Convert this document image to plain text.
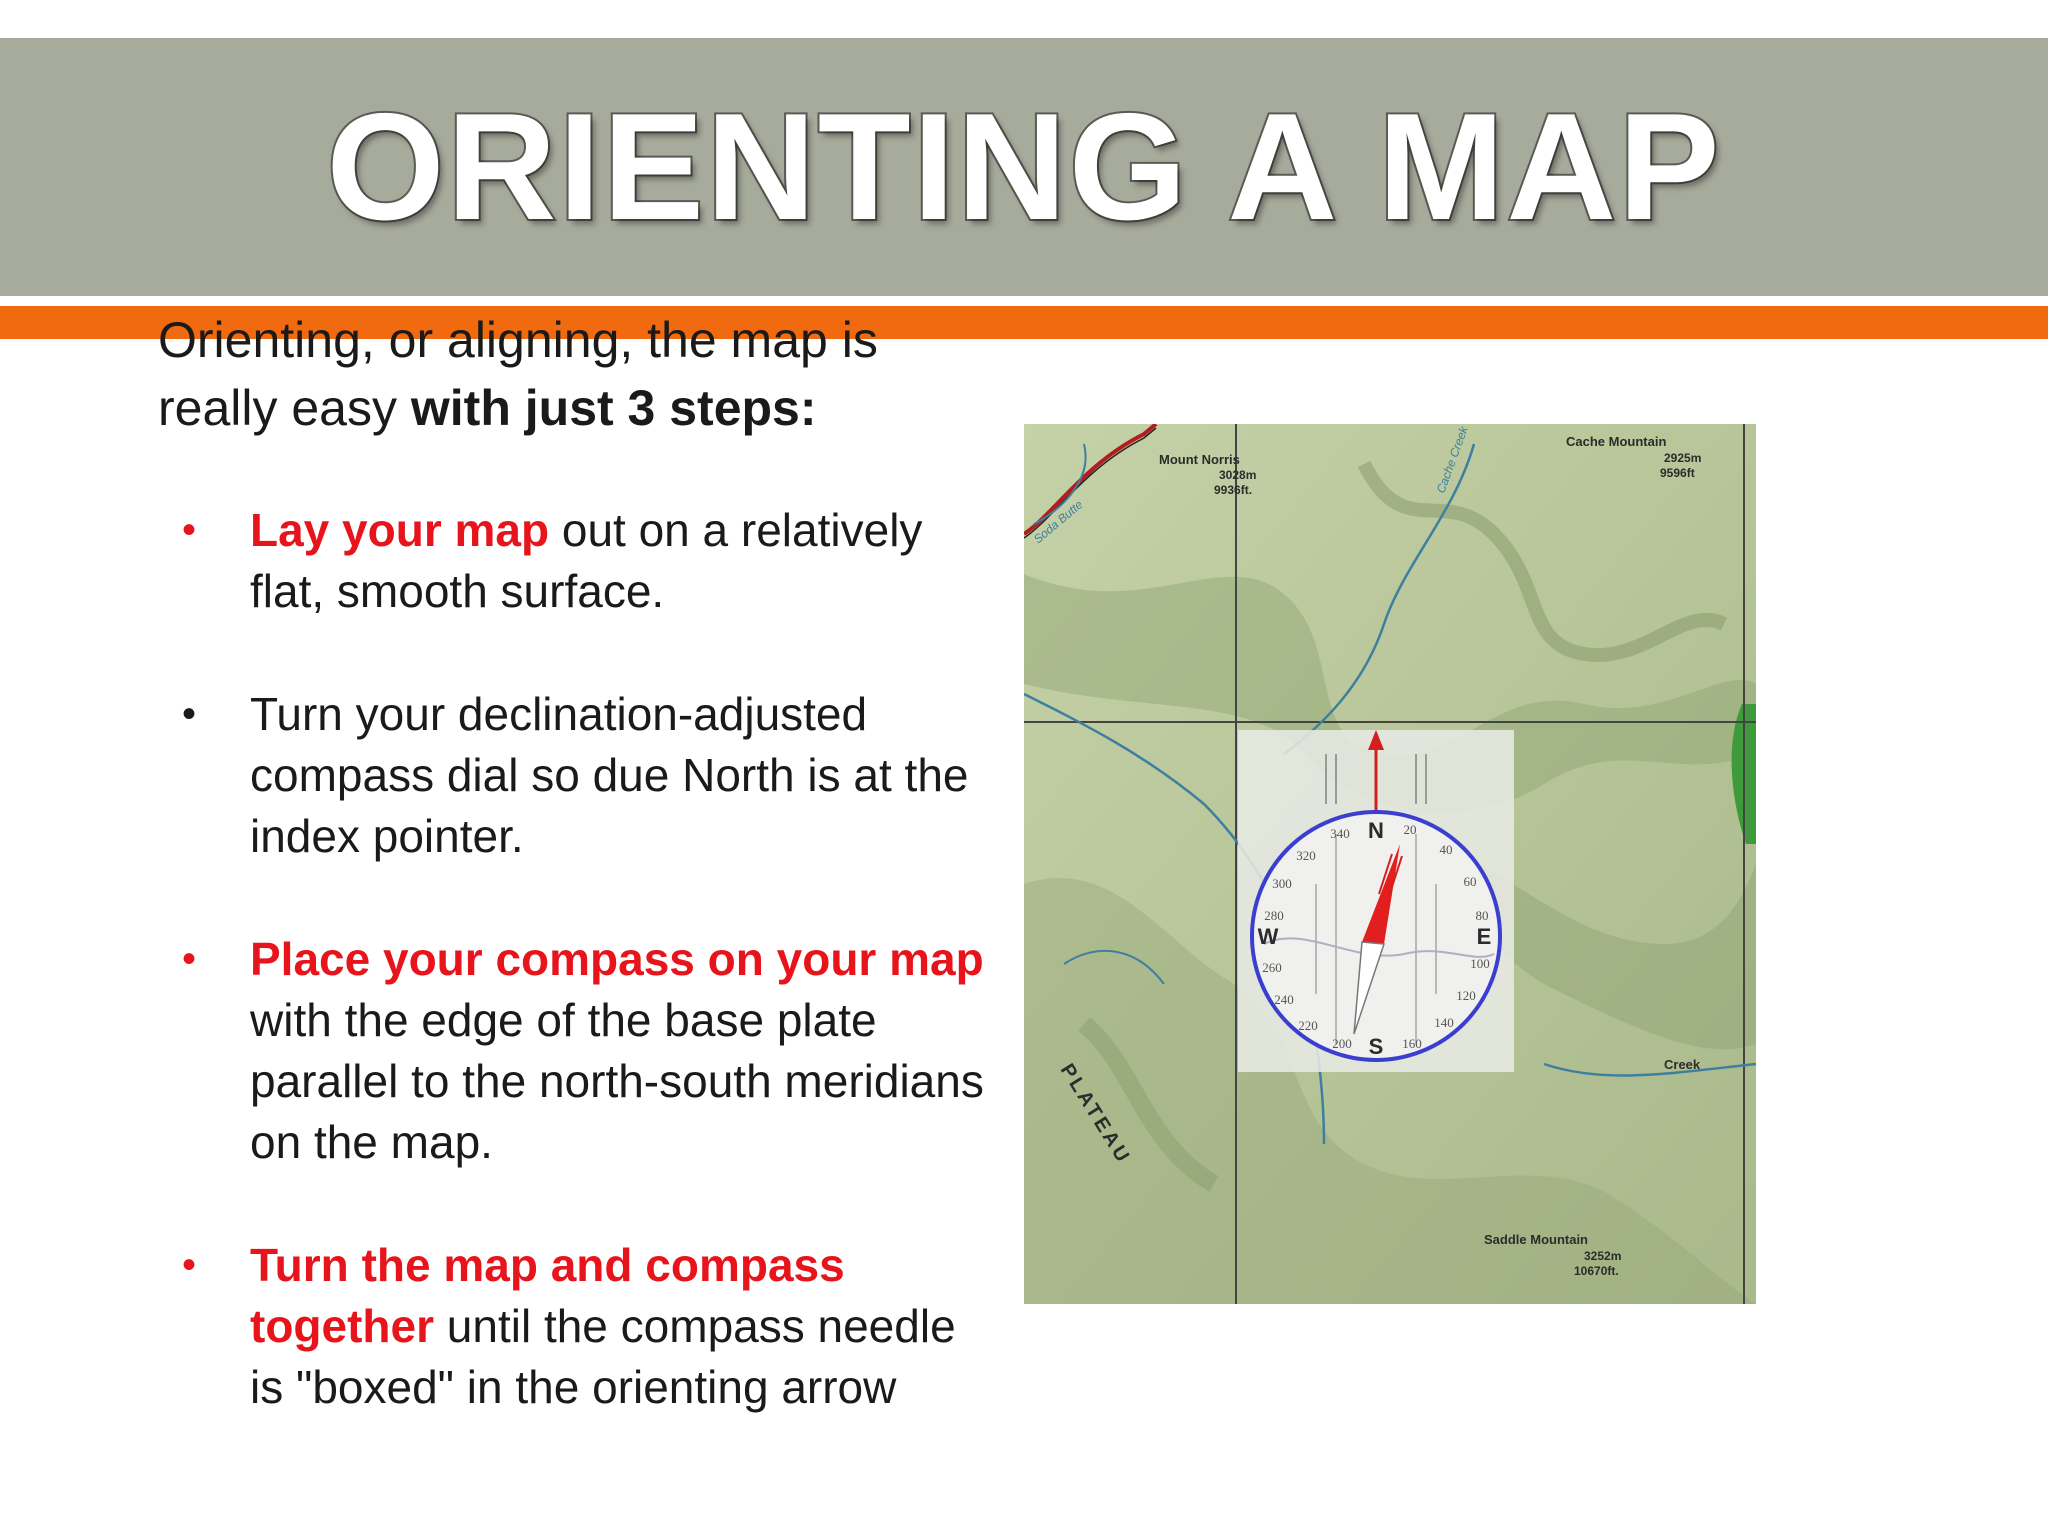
ORIENTING A MAP

Orienting, or aligning, the map is really easy with just 3 steps:

• Lay your map out on a relatively flat, smooth surface.
• Turn your declination-adjusted compass dial so due North is at the index pointer.
• Place your compass on your map with the edge of the base plate parallel to the north-south meridians on the map.
• Turn the map and compass together until the compass needle is "boxed" in the orienting arrow
Mount Norris
3028m
9936ft.
Cache Mountain
2925m
9596ft
Saddle Mountain
3252m
10670ft.
Creek
PLATEAU
Cache Creek
Soda Butte
N
E
S
W
20
40
60
80
100
120
140
160
200
220
240
260
280
300
320
340
